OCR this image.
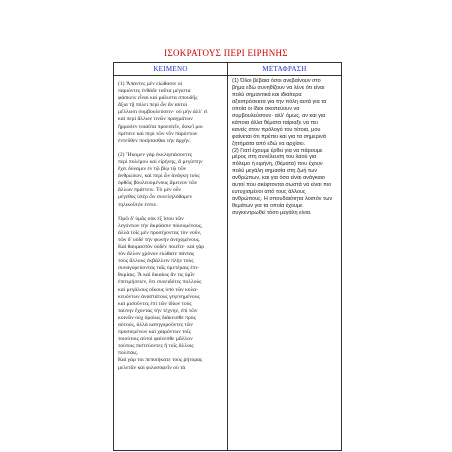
ΙΣΟΚΡΑΤΟΥΣ ΠΕΡΙ ΕΙΡΗΝΗΣ
ΚΕΙΜΕΝΟ
(1) Ἅπαντες μὲν εἰώθασιν οἱ
παριόντες ἐνθάδε ταῦτα μέγιστα
φάσκειν εἶναι καὶ μάλιστα σπουδῆς
ἄξια τῇ πόλει περὶ ὧν ἂν αὐτοὶ
μέλλωσι συμβουλεύσειν· οὐ μὴν ἀλλ' εἰ
καὶ περὶ ἄλλων τινῶν πραγμάτων
ἥρμοσεν τοιαῦτα προειπεῖν, δοκεῖ μοι
πρέπειν καὶ περὶ τῶν νῦν παρόντων
ἐντεῦθεν ποιήσασθαι τὴν ἀρχήν.
(2) Ἥκομεν γὰρ ἐκκλησιάσοντες
περὶ πολέμου καὶ εἰρήνης, ἃ μεγίστην
ἔχει δύναμιν ἐν τῷ βίῳ τῷ τῶν
ἀνθρώπων, καὶ περὶ ὧν ἀνάγκη τοὺς
ὀρθῶς βουλευομένους ἄμεινον τῶν
ἄλλων πράττειν. Τὸ μὲν οὖν
μέγεθος ὑπὲρ ὧν συνεληλύθαμεν
τηλικοῦτόν ἐστιν.
Ὁρῶ δ' ὑμᾶς οὐκ ἐξ ἴσου τῶν
λεγόντων τὴν ἀκρόασιν ποιουμένους,
ἀλλὰ τοῖς μὲν προσέχοντας τὸν νοῦν,
τῶν δ' οὐδὲ τὴν φωνὴν ἀνεχομένους.
Καὶ θαυμαστὸν οὐδὲν ποιεῖτε· καὶ γὰρ
τὸν ἄλλον χρόνον εἰώθατε πάντας
τοὺς ἄλλους ἐκβάλλειν πλὴν τοὺς
συναγορεύοντας ταῖς ὑμετέραις ἐπι-
θυμίαις. Ἃ καὶ δικαίως ἄν τις ὑμῖν
ἐπιτιμήσειεν, ὅτι συνειδότες πολλοὺς
καὶ μεγάλους οἴκους ὑπὸ τῶν κολα-
κευόντων ἀναστάτους γεγενημένους
καὶ μισοῦντες ἐπὶ τῶν ἰδίων τοὺς
ταύτην ἔχοντας τὴν τέχνην, ἐπὶ τῶν
κοινῶν οὐχ ὁμοίως διάκεισθε πρὸς
αὐτούς, ἀλλὰ κατηγοροῦντες τῶν
προσιεμένων καὶ χαιρόντων τοῖς
τοιούτοις αὐτοὶ φαίνεσθε μᾶλλον
τούτοις πιστεύοντες ἢ τοῖς ἄλλοις
πολίταις.
Καὶ γὰρ τοι πεποιήκατε τοὺς ῥήτορας
μελετᾶν καὶ φιλοσοφεῖν οὐ τὰ
ΜΕΤΑΦΡΑΣΗ
(1) Όλοι βέβαια όσοι ανεβαίνουν στο
βήμα εδώ συνηθίζουν να λένε ότι είναι
πολύ σημαντικά και ιδιαίτερα
αξιοπρόσεκτα για την πόλη αυτά για τα
οποία οι ίδιοι σκοπεύουν να
συμβουλεύσουν· αλλ' όμως, αν και για
κάποια άλλα θέματα ταίριαξε να πει
κανείς στον πρόλογό του τέτοια, μου
φαίνεται ότι πρέπει και για τα σημερινά
ζητήματα από εδώ να αρχίσει.
(2) Γιατί έχουμε έρθει για να πάρουμε
μέρος στη συνέλευση του λαού για
πόλεμο ή ειρήνη, (θέματα) που έχουν
πολύ μεγάλη σημασία στη ζωή των
ανθρώπων, και για όσα είναι ανάγκαιο
αυτοί που σκέφτονται σωστά να είναι πιο
ευτυχισμένοι από τους άλλους
ανθρώπους. Η σπουδαιότητα λοιπόν των
θεμάτων για τα οποία έχουμε
συγκεντρωθεί τόσο μεγάλη είναι.
